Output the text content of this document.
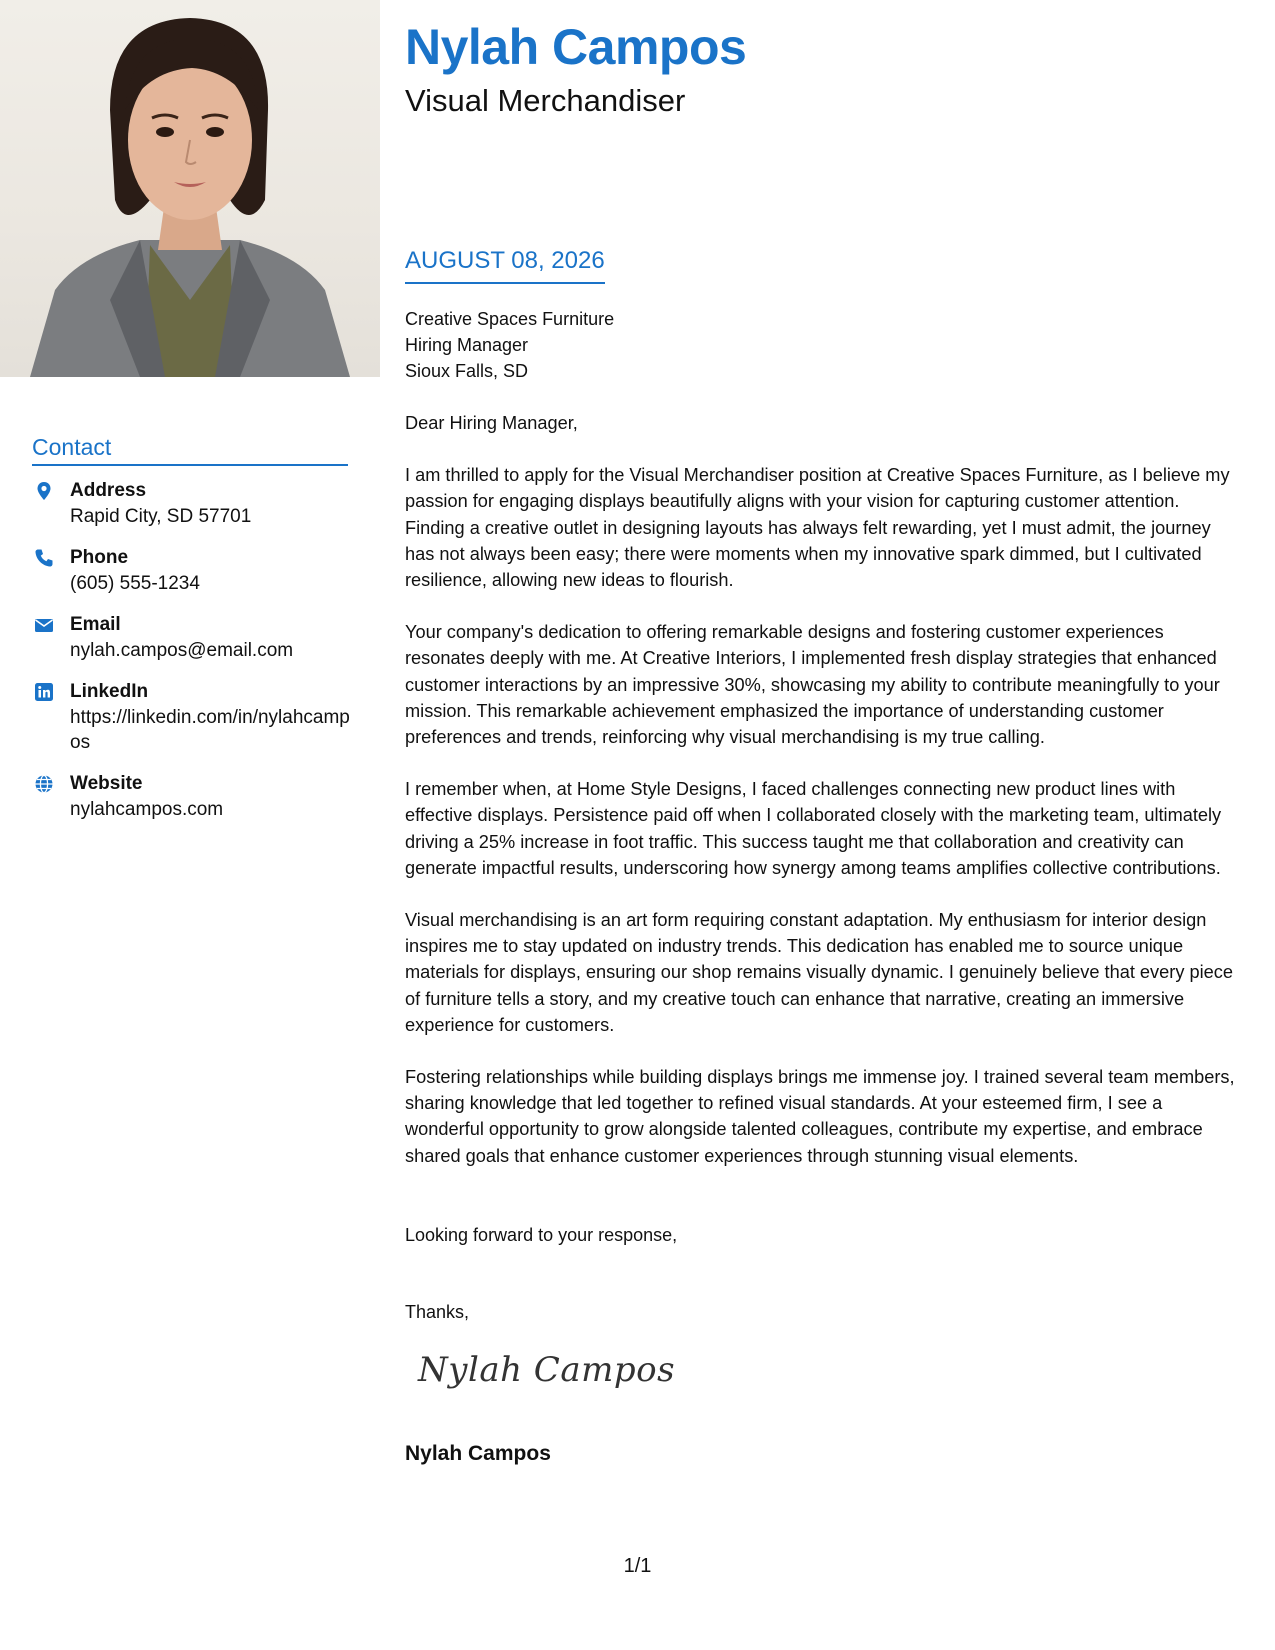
Contact
Address
Rapid City, SD 57701
Phone
(605) 555-1234
Email
nylah.campos@email.com
LinkedIn
https://linkedin.com/in/nylahcampos
Website
nylahcampos.com
Nylah Campos
Visual Merchandiser
AUGUST 08, 2026
Creative Spaces Furniture
Hiring Manager
Sioux Falls, SD

Dear Hiring Manager,

I am thrilled to apply for the Visual Merchandiser position at Creative Spaces Furniture, as I believe my passion for engaging displays beautifully aligns with your vision for capturing customer attention. Finding a creative outlet in designing layouts has always felt rewarding, yet I must admit, the journey has not always been easy; there were moments when my innovative spark dimmed, but I cultivated resilience, allowing new ideas to flourish.

Your company's dedication to offering remarkable designs and fostering customer experiences resonates deeply with me. At Creative Interiors, I implemented fresh display strategies that enhanced customer interactions by an impressive 30%, showcasing my ability to contribute meaningfully to your mission. This remarkable achievement emphasized the importance of understanding customer preferences and trends, reinforcing why visual merchandising is my true calling.

I remember when, at Home Style Designs, I faced challenges connecting new product lines with effective displays. Persistence paid off when I collaborated closely with the marketing team, ultimately driving a 25% increase in foot traffic. This success taught me that collaboration and creativity can generate impactful results, underscoring how synergy among teams amplifies collective contributions.

Visual merchandising is an art form requiring constant adaptation. My enthusiasm for interior design inspires me to stay updated on industry trends. This dedication has enabled me to source unique materials for displays, ensuring our shop remains visually dynamic. I genuinely believe that every piece of furniture tells a story, and my creative touch can enhance that narrative, creating an immersive experience for customers.

Fostering relationships while building displays brings me immense joy. I trained several team members, sharing knowledge that led together to refined visual standards. At your esteemed firm, I see a wonderful opportunity to grow alongside talented colleagues, contribute my expertise, and embrace shared goals that enhance customer experiences through stunning visual elements.

Looking forward to your response,
Thanks,
Nylah Campos
Nylah Campos
1/1
